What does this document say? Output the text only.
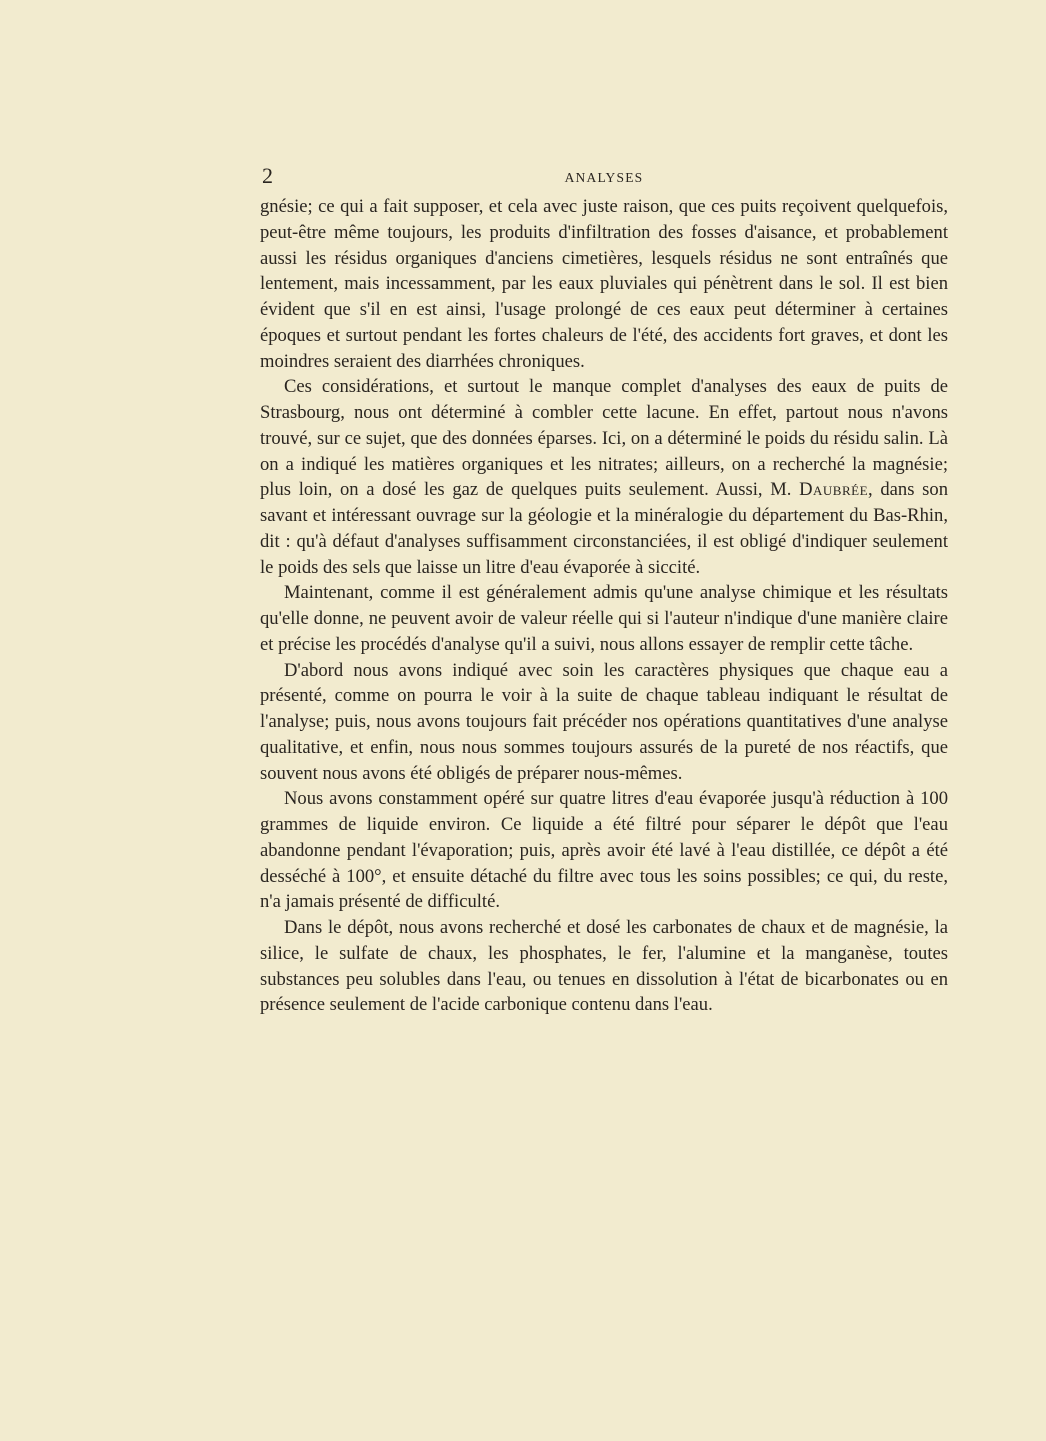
2	ANALYSES

gnésie; ce qui a fait supposer, et cela avec juste raison, que ces puits reçoivent quelquefois, peut-être même toujours, les produits d'infiltration des fosses d'aisance, et probablement aussi les résidus organiques d'anciens cimetières, lesquels résidus ne sont entraînés que lentement, mais incessamment, par les eaux pluviales qui pénètrent dans le sol. Il est bien évident que s'il en est ainsi, l'usage prolongé de ces eaux peut déterminer à certaines époques et surtout pendant les fortes chaleurs de l'été, des accidents fort graves, et dont les moindres seraient des diarrhées chroniques.

Ces considérations, et surtout le manque complet d'analyses des eaux de puits de Strasbourg, nous ont déterminé à combler cette lacune. En effet, partout nous n'avons trouvé, sur ce sujet, que des données éparses. Ici, on a déterminé le poids du résidu salin. Là on a indiqué les matières organiques et les nitrates; ailleurs, on a recherché la magnésie; plus loin, on a dosé les gaz de quelques puits seulement. Aussi, M. Daubrée, dans son savant et intéressant ouvrage sur la géologie et la minéralogie du département du Bas-Rhin, dit : qu'à défaut d'analyses suffisamment circonstanciées, il est obligé d'indiquer seulement le poids des sels que laisse un litre d'eau évaporée à siccité.

Maintenant, comme il est généralement admis qu'une analyse chimique et les résultats qu'elle donne, ne peuvent avoir de valeur réelle qui si l'auteur n'indique d'une manière claire et précise les procédés d'analyse qu'il a suivi, nous allons essayer de remplir cette tâche.

D'abord nous avons indiqué avec soin les caractères physiques que chaque eau a présenté, comme on pourra le voir à la suite de chaque tableau indiquant le résultat de l'analyse; puis, nous avons toujours fait précéder nos opérations quantitatives d'une analyse qualitative, et enfin, nous nous sommes toujours assurés de la pureté de nos réactifs, que souvent nous avons été obligés de préparer nous-mêmes.

Nous avons constamment opéré sur quatre litres d'eau évaporée jusqu'à réduction à 100 grammes de liquide environ. Ce liquide a été filtré pour séparer le dépôt que l'eau abandonne pendant l'évaporation; puis, après avoir été lavé à l'eau distillée, ce dépôt a été desséché à 100°, et ensuite détaché du filtre avec tous les soins possibles; ce qui, du reste, n'a jamais présenté de difficulté.

Dans le dépôt, nous avons recherché et dosé les carbonates de chaux et de magnésie, la silice, le sulfate de chaux, les phosphates, le fer, l'alumine et la manganèse, toutes substances peu solubles dans l'eau, ou tenues en dissolution à l'état de bicarbonates ou en présence seulement de l'acide carbonique contenu dans l'eau.
